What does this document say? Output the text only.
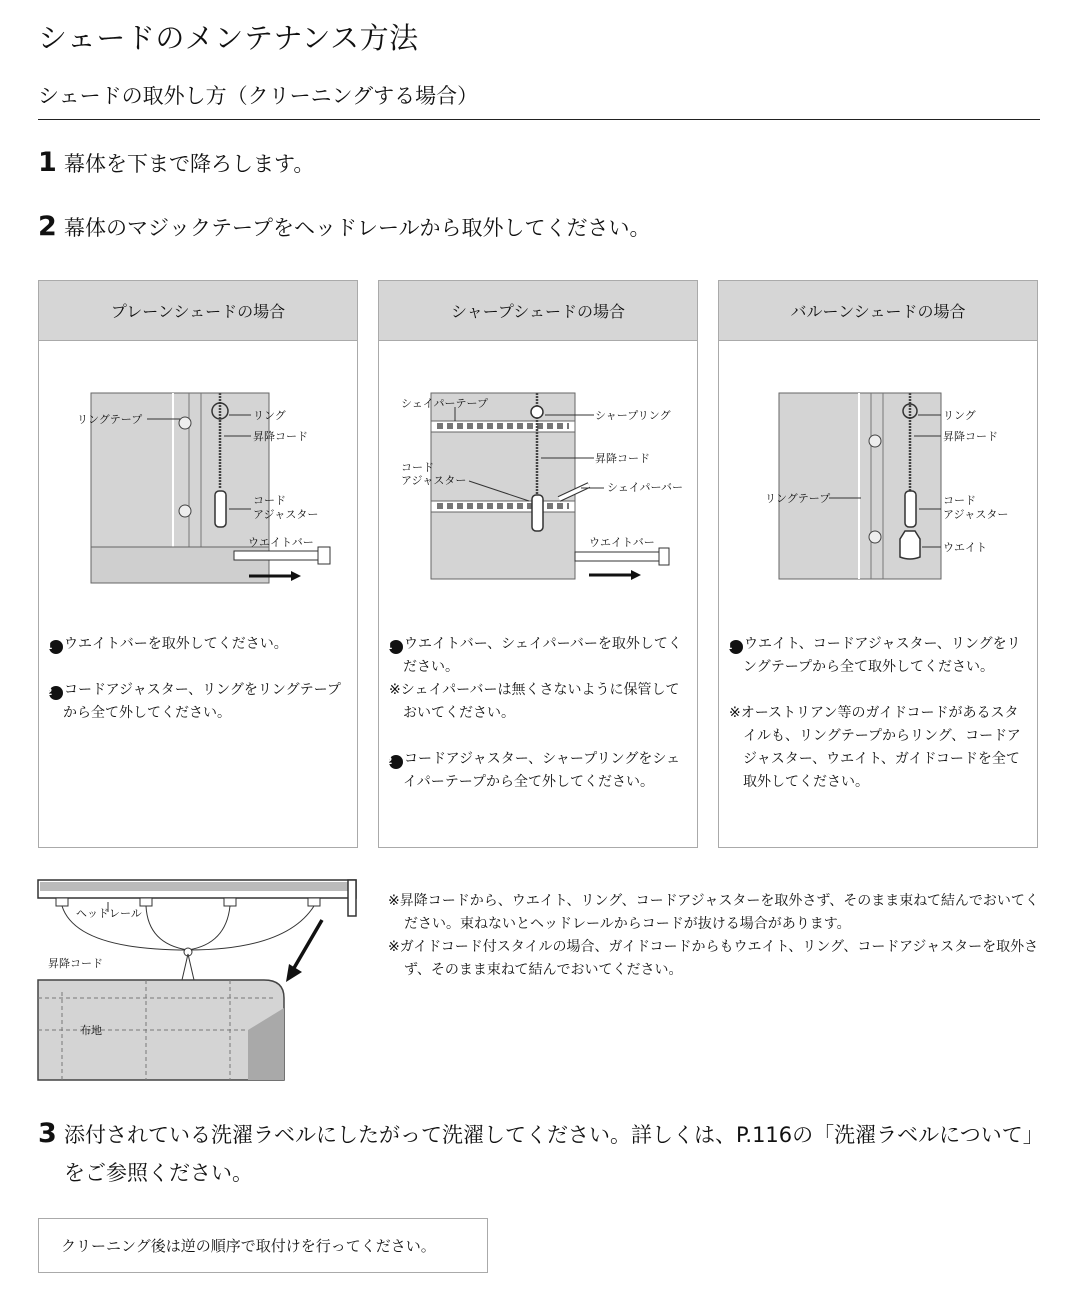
シェードのメンテナンス方法
シェードの取外し方（クリーニングする場合）
1 幕体を下まで降ろします。
2 幕体のマジックテープをヘッドレールから取外してください。
プレーンシェードの場合
リングテープ	リング
昇降コード
コード アジャスター
ウエイトバー

1 ウエイトバーを取外してください。

2 コードアジャスター、リングをリングテープから全て外してください。

シャープシェードの場合
シェイパーテープ
シャープリング
昇降コード
コード アジャスター
シェイパーバー
ウエイトバー

1 ウエイトバー、シェイパーバーを取外してください。

※シェイパーバーは無くさないように保管しておいてください。

2 コードアジャスター、シャープリングをシェイパーテープから全て外してください。

バルーンシェードの場合
リングテープ
リング
昇降コード
コード アジャスター
ウエイト

1 ウエイト、コードアジャスター、リングをリングテープから全て取外してください。

※オーストリアン等のガイドコードがあるスタイルも、リングテープからリング、コードアジャスター、ウエイト、ガイドコードを全て取外してください。

ヘッドレール
昇降コード
布地

※昇降コードから、ウエイト、リング、コードアジャスターを取外さず、そのまま束ねて結んでおいてください。束ねないとヘッドレールからコードが抜ける場合があります。

※ガイドコード付スタイルの場合、ガイドコードからもウエイト、リング、コードアジャスターを取外さず、そのまま束ねて結んでおいてください。

3 添付されている洗濯ラベルにしたがって洗濯してください。詳しくは、P.116の「洗濯ラベルについて」をご参照ください。
クリーニング後は逆の順序で取付けを行ってください。
